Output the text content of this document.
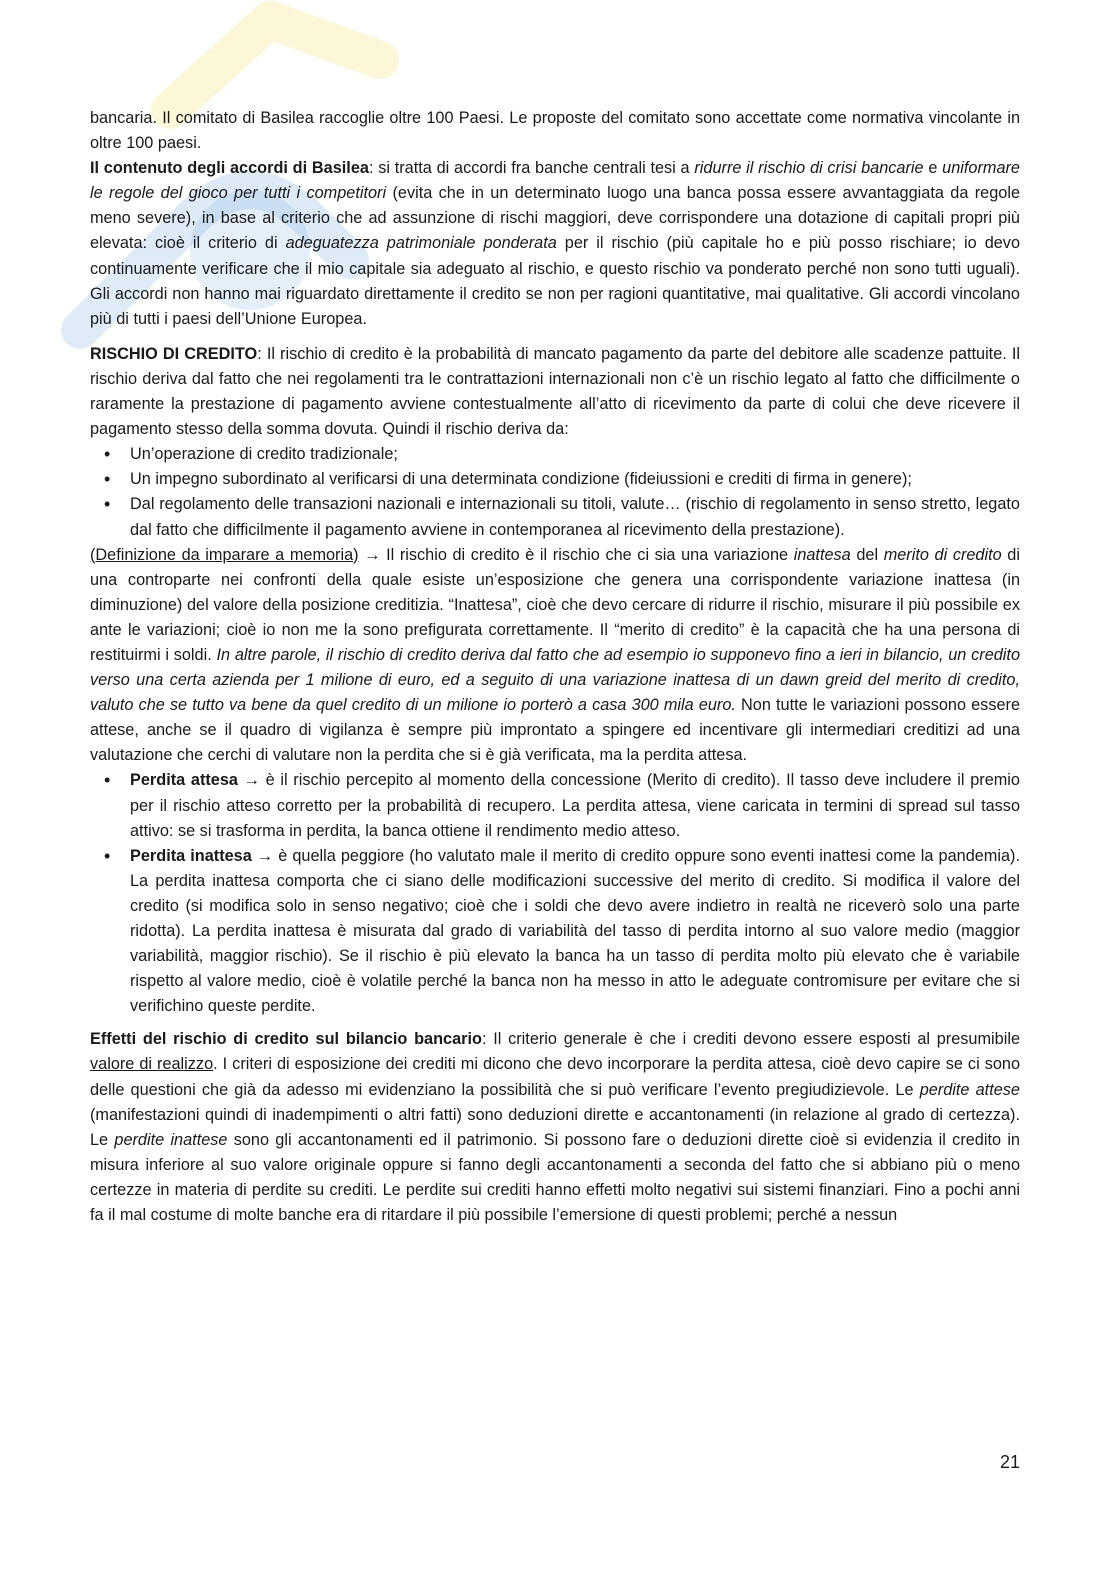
bancaria. Il comitato di Basilea raccoglie oltre 100 Paesi. Le proposte del comitato sono accettate come normativa vincolante in oltre 100 paesi.

Il contenuto degli accordi di Basilea: si tratta di accordi fra banche centrali tesi a ridurre il rischio di crisi bancarie e uniformare le regole del gioco per tutti i competitori (evita che in un determinato luogo una banca possa essere avvantaggiata da regole meno severe), in base al criterio che ad assunzione di rischi maggiori, deve corrispondere una dotazione di capitali propri più elevata: cioè il criterio di adeguatezza patrimoniale ponderata per il rischio (più capitale ho e più posso rischiare; io devo continuamente verificare che il mio capitale sia adeguato al rischio, e questo rischio va ponderato perché non sono tutti uguali). Gli accordi non hanno mai riguardato direttamente il credito se non per ragioni quantitative, mai qualitative. Gli accordi vincolano più di tutti i paesi dell’Unione Europea.

RISCHIO DI CREDITO: Il rischio di credito è la probabilità di mancato pagamento da parte del debitore alle scadenze pattuite. Il rischio deriva dal fatto che nei regolamenti tra le contrattazioni internazionali non c’è un rischio legato al fatto che difficilmente o raramente la prestazione di pagamento avviene contestualmente all’atto di ricevimento da parte di colui che deve ricevere il pagamento stesso della somma dovuta. Quindi il rischio deriva da:

• Un’operazione di credito tradizionale;
• Un impegno subordinato al verificarsi di una determinata condizione (fideiussioni e crediti di firma in genere);
• Dal regolamento delle transazioni nazionali e internazionali su titoli, valute… (rischio di regolamento in senso stretto, legato dal fatto che difficilmente il pagamento avviene in contemporanea al ricevimento della prestazione).

(Definizione da imparare a memoria) → Il rischio di credito è il rischio che ci sia una variazione inattesa del merito di credito di una controparte nei confronti della quale esiste un’esposizione che genera una corrispondente variazione inattesa (in diminuzione) del valore della posizione creditizia. “Inattesa”, cioè che devo cercare di ridurre il rischio, misurare il più possibile ex ante le variazioni; cioè io non me la sono prefigurata correttamente. Il “merito di credito” è la capacità che ha una persona di restituirmi i soldi. In altre parole, il rischio di credito deriva dal fatto che ad esempio io supponevo fino a ieri in bilancio, un credito verso una certa azienda per 1 milione di euro, ed a seguito di una variazione inattesa di un dawn greid del merito di credito, valuto che se tutto va bene da quel credito di un milione io porterò a casa 300 mila euro. Non tutte le variazioni possono essere attese, anche se il quadro di vigilanza è sempre più improntato a spingere ed incentivare gli intermediari creditizi ad una valutazione che cerchi di valutare non la perdita che si è già verificata, ma la perdita attesa.

• Perdita attesa → è il rischio percepito al momento della concessione (Merito di credito). Il tasso deve includere il premio per il rischio atteso corretto per la probabilità di recupero. La perdita attesa, viene caricata in termini di spread sul tasso attivo: se si trasforma in perdita, la banca ottiene il rendimento medio atteso.
• Perdita inattesa → è quella peggiore (ho valutato male il merito di credito oppure sono eventi inattesi come la pandemia). La perdita inattesa comporta che ci siano delle modificazioni successive del merito di credito. Si modifica il valore del credito (si modifica solo in senso negativo; cioè che i soldi che devo avere indietro in realtà ne riceverò solo una parte ridotta). La perdita inattesa è misurata dal grado di variabilità del tasso di perdita intorno al suo valore medio (maggior variabilità, maggior rischio). Se il rischio è più elevato la banca ha un tasso di perdita molto più elevato che è variabile rispetto al valore medio, cioè è volatile perché la banca non ha messo in atto le adeguate contromisure per evitare che si verifichino queste perdite.

Effetti del rischio di credito sul bilancio bancario: Il criterio generale è che i crediti devono essere esposti al presumibile valore di realizzo. I criteri di esposizione dei crediti mi dicono che devo incorporare la perdita attesa, cioè devo capire se ci sono delle questioni che già da adesso mi evidenziano la possibilità che si può verificare l’evento pregiudizievole. Le perdite attese (manifestazioni quindi di inadempimenti o altri fatti) sono deduzioni dirette e accantonamenti (in relazione al grado di certezza). Le perdite inattese sono gli accantonamenti ed il patrimonio. Si possono fare o deduzioni dirette cioè si evidenzia il credito in misura inferiore al suo valore originale oppure si fanno degli accantonamenti a seconda del fatto che si abbiano più o meno certezze in materia di perdite su crediti. Le perdite sui crediti hanno effetti molto negativi sui sistemi finanziari. Fino a pochi anni fa il mal costume di molte banche era di ritardare il più possibile l’emersione di questi problemi; perché a nessun

21
